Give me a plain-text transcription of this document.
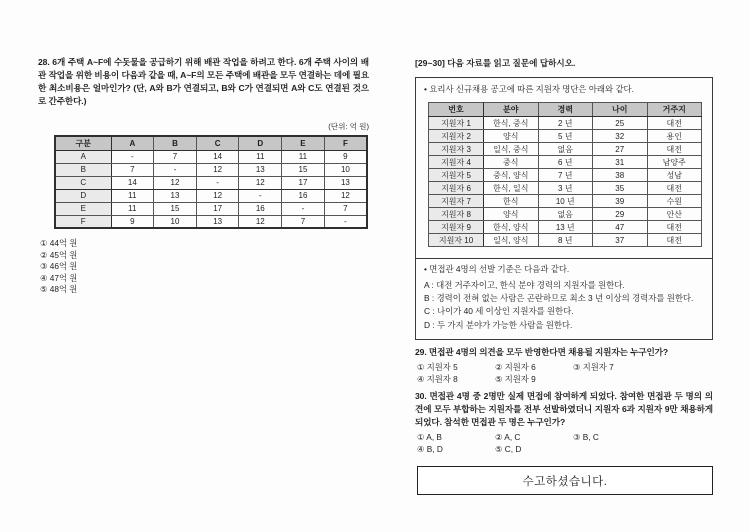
28. 6개 주택 A~F에 수돗물을 공급하기 위해 배관 작업을 하려고 한다. 6개 주택 사이의 배관 작업을 위한 비용이 다음과 같을 때, A~F의 모든 주택에 배관을 모두 연결하는 데에 필요한 최소비용은 얼마인가? (단, A와 B가 연결되고, B와 C가 연결되면 A와 C도 연결된 것으로 간주한다.)
(단위: 억 원)
구분	A	B	C	D	E	F
A	-	7	14	11	11	9
B	7	-	12	13	15	10
C	14	12	-	12	17	13
D	11	13	12	-	16	12
E	11	15	17	16	-	7
F	9	10	13	12	7	-
① 44억 원
② 45억 원
③ 46억 원
④ 47억 원
⑤ 48억 원
[29~30] 다음 자료를 읽고 질문에 답하시오.
• 요리사 신규채용 공고에 따른 지원자 명단은 아래와 같다.
번호	분야	경력	나이	거주지
지원자 1	한식, 중식	2 년	25	대전
지원자 2	양식	5 년	32	용인
지원자 3	일식, 중식	없음	27	대전
지원자 4	중식	6 년	31	남양주
지원자 5	중식, 양식	7 년	38	성남
지원자 6	한식, 일식	3 년	35	대전
지원자 7	한식	10 년	39	수원
지원자 8	양식	없음	29	안산
지원자 9	한식, 양식	13 년	47	대전
지원자 10	일식, 양식	8 년	37	대전
• 면접관 4명의 선발 기준은 다음과 같다.
A : 대전 거주자이고, 한식 분야 경력의 지원자를 원한다.
B : 경력이 전혀 없는 사람은 곤란하므로 최소 3 년 이상의 경력자를 원한다.
C : 나이가 40 세 이상인 지원자를 원한다.
D : 두 가지 분야가 가능한 사람을 원한다.
29. 면접관 4명의 의견을 모두 반영한다면 채용될 지원자는 누구인가?
① 지원자 5	② 지원자 6	③ 지원자 7
④ 지원자 8	⑤ 지원자 9
30. 면접관 4명 중 2명만 실제 면접에 참여하게 되었다. 참여한 면접관 두 명의 의견에 모두 부합하는 지원자를 전부 선발하였더니 지원자 6과 지원자 9만 채용하게 되었다. 참석한 면접관 두 명은 누구인가?
① A, B	② A, C	③ B, C
④ B, D	⑤ C, D
수고하셨습니다.
